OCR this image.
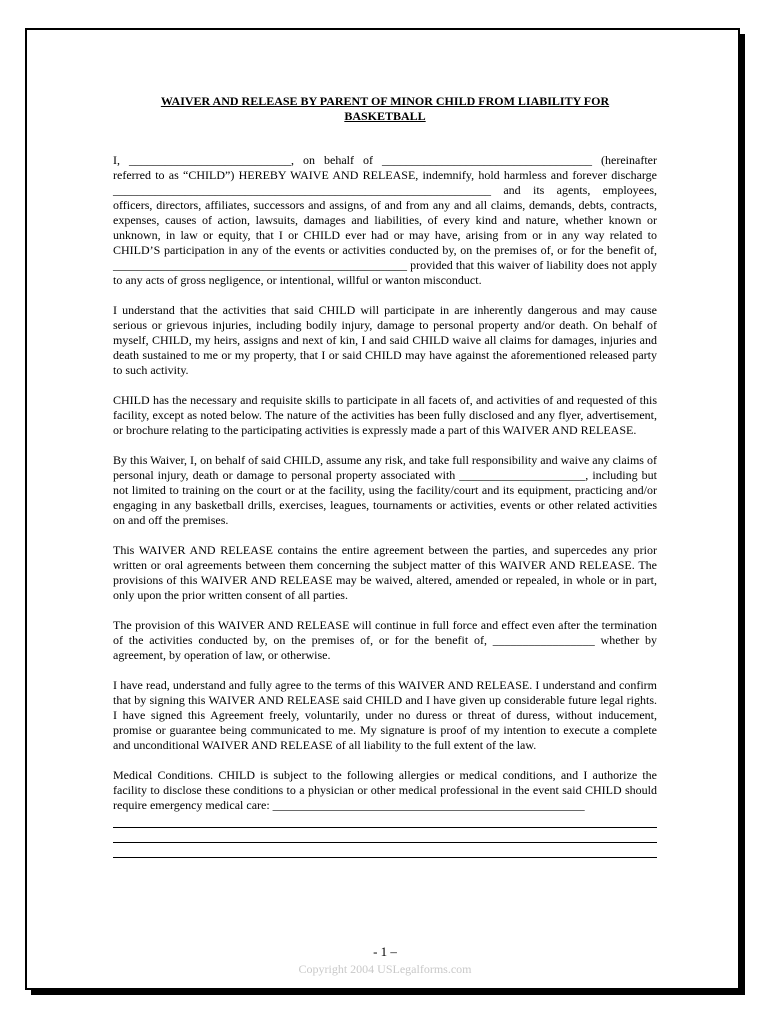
WAIVER AND RELEASE BY PARENT OF MINOR CHILD FROM LIABILITY FOR BASKETBALL
I, ___________________________, on behalf of ___________________________________ (hereinafter referred to as “CHILD”) HEREBY WAIVE AND RELEASE, indemnify, hold harmless and forever discharge _______________________________________________________________ and its agents, employees, officers, directors, affiliates, successors and assigns, of and from any and all claims, demands, debts, contracts, expenses, causes of action, lawsuits, damages and liabilities, of every kind and nature, whether known or unknown, in law or equity, that I or CHILD ever had or may have, arising from or in any way related to CHILD’S participation in any of the events or activities conducted by, on the premises of, or for the benefit of, _________________________________________________ provided that this waiver of liability does not apply to any acts of gross negligence, or intentional, willful or wanton misconduct.
I understand that the activities that said CHILD will participate in are inherently dangerous and may cause serious or grievous injuries, including bodily injury, damage to personal property and/or death. On behalf of myself, CHILD, my heirs, assigns and next of kin, I and said CHILD waive all claims for damages, injuries and death sustained to me or my property, that I or said CHILD may have against the aforementioned released party to such activity.
CHILD has the necessary and requisite skills to participate in all facets of, and activities of and requested of this facility, except as noted below. The nature of the activities has been fully disclosed and any flyer, advertisement, or brochure relating to the participating activities is expressly made a part of this WAIVER AND RELEASE.
By this Waiver, I, on behalf of said CHILD, assume any risk, and take full responsibility and waive any claims of personal injury, death or damage to personal property associated with _____________________, including but not limited to training on the court or at the facility, using the facility/court and its equipment, practicing and/or engaging in any basketball drills, exercises, leagues, tournaments or activities, events or other related activities on and off the premises.
This WAIVER AND RELEASE contains the entire agreement between the parties, and supercedes any prior written or oral agreements between them concerning the subject matter of this WAIVER AND RELEASE. The provisions of this WAIVER AND RELEASE may be waived, altered, amended or repealed, in whole or in part, only upon the prior written consent of all parties.
The provision of this WAIVER AND RELEASE will continue in full force and effect even after the termination of the activities conducted by, on the premises of, or for the benefit of, _________________ whether by agreement, by operation of law, or otherwise.
I have read, understand and fully agree to the terms of this WAIVER AND RELEASE. I understand and confirm that by signing this WAIVER AND RELEASE said CHILD and I have given up considerable future legal rights. I have signed this Agreement freely, voluntarily, under no duress or threat of duress, without inducement, promise or guarantee being communicated to me. My signature is proof of my intention to execute a complete and unconditional WAIVER AND RELEASE of all liability to the full extent of the law.
Medical Conditions. CHILD is subject to the following allergies or medical conditions, and I authorize the facility to disclose these conditions to a physician or other medical professional in the event said CHILD should require emergency medical care: ____________________________________________________
- 1 –
Copyright 2004 USLegalforms.com
